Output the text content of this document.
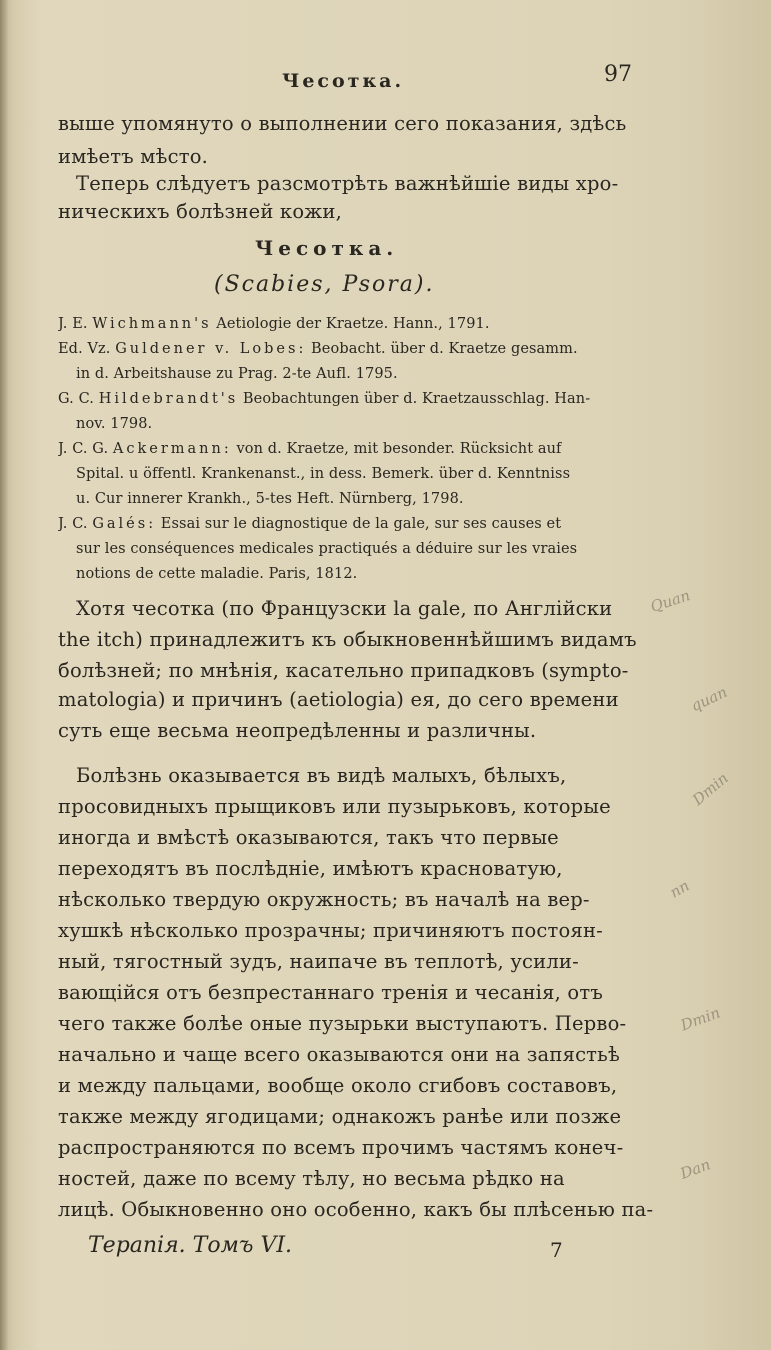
Чесотка.	97
выше упомянуто о выполнении сего показания, здѣсь
имѣетъ мѣсто.
Теперь слѣдуетъ разсмотрѣть важнѣйшіе виды хро-
ническихъ болѣзней кожи,
Чесотка.
(Scabies, Psora).
J. E. Wichmann's Aetiologie der Kraetze. Hann., 1791.
Ed. Vz. Guldener v. Lobes: Beobacht. über d. Kraetze gesamm.
in d. Arbeitshause zu Prag. 2-te Aufl. 1795.
G. C. Hildebrandt's Beobachtungen über d. Kraetzausschlag. Han-
nov. 1798.
J. C. G. Ackermann: von d. Kraetze, mit besonder. Rücksicht auf
Spital. u öffentl. Krankenanst., in dess. Bemerk. über d. Kenntniss
u. Cur innerer Krankh., 5-tes Heft. Nürnberg, 1798.
J. C. Galés: Essai sur le diagnostique de la gale, sur ses causes et
sur les conséquences medicales practiqués a déduire sur les vraies
notions de cette maladie. Paris, 1812.
Хотя чесотка (по Французски la gale, по Англійски
the itch) принадлежитъ къ обыкновеннѣйшимъ видамъ
болѣзней; по мнѣнія, касательно припадковъ (sympto-
matologia) и причинъ (aetiologia) ея, до сего времени
суть еще весьма неопредѣленны и различны.
Болѣзнь оказывается въ видѣ малыхъ, бѣлыхъ,
просовидныхъ прыщиковъ или пузырьковъ, которые
иногда и вмѣстѣ оказываются, такъ что первые
переходятъ въ послѣдніе, имѣютъ красноватую,
нѣсколько твердую окружность; въ началѣ на вер-
хушкѣ нѣсколько прозрачны; причиняютъ постоян-
ный, тягостный зудъ, наипаче въ теплотѣ, усили-
вающійся отъ безпрестаннаго тренія и чесанія, отъ
чего также болѣе оные пузырьки выступаютъ. Перво-
начально и чаще всего оказываются они на запястьѣ
и между пальцами, вообще около сгибовъ составовъ,
также между ягодицами; однакожъ ранѣе или позже
распространяются по всемъ прочимъ частямъ конеч-
ностей, даже по всему тѣлу, но весьма рѣдко на
лицѣ. Обыкновенно оно особенно, какъ бы плѣсенью па-
Терапія. Томъ VI.	7
Quan
quan
Dmin
nn
Dmin
Dan
